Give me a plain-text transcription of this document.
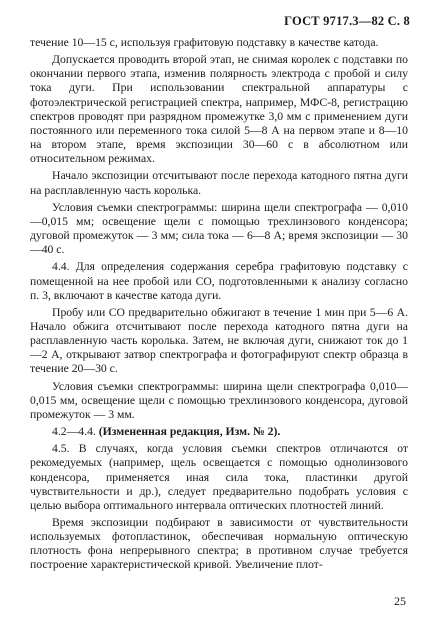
ГОСТ 9717.3—82 С. 8

течение 10—15 с, используя графитовую подставку в качестве катода.

Допускается проводить второй этап, не снимая королек с подставки по окончании первого этапа, изменив полярность электрода с пробой и силу тока дуги. При использовании спектральной аппаратуры с фотоэлектрической регистрацией спектра, например, МФС-8, регистрацию спектров проводят при разрядном промежутке 3,0 мм с применением дуги постоянного или переменного тока силой 5—8 А на первом этапе и 8—10 на втором этапе, время экспозиции 30—60 с в абсолютном или относительном режимах.

Начало экспозиции отсчитывают после перехода катодного пятна дуги на расплавленную часть королька.

Условия съемки спектрограммы: ширина щели спектрографа — 0,010—0,015 мм; освещение щели с помощью трехлинзового конденсора; дуговой промежуток — 3 мм; сила тока — 6—8 А; время экспозиции — 30—40 с.

4.4. Для определения содержания серебра графитовую подставку с помещенной на нее пробой или СО, подготовленными к анализу согласно п. 3, включают в качестве катода дуги.

Пробу или СО предварительно обжигают в течение 1 мин при 5—6 А. Начало обжига отсчитывают после перехода катодного пятна дуги на расплавленную часть королька. Затем, не включая дуги, снижают ток до 1—2 А, открывают затвор спектрографа и фотографируют спектр образца в течение 20—30 с.

Условия съемки спектрограммы: ширина щели спектрографа 0,010—0,015 мм, освещение щели с помощью трехлинзового конденсора, дуговой промежуток — 3 мм.

4.2—4.4. (Измененная редакция, Изм. № 2).

4.5. В случаях, когда условия съемки спектров отличаются от рекомедуемых (например, щель освещается с помощью однолинзового конденсора, применяется иная сила тока, пластинки другой чувствительности и др.), следует предварительно подобрать условия с целью выбора оптимального интервала оптических плотностей линий.

Время экспозиции подбирают в зависимости от чувствительности используемых фотопластинок, обеспечивая нормальную оптическую плотность фона непрерывного спектра; в противном случае требуется построение характеристической кривой. Увеличение плот-

25
